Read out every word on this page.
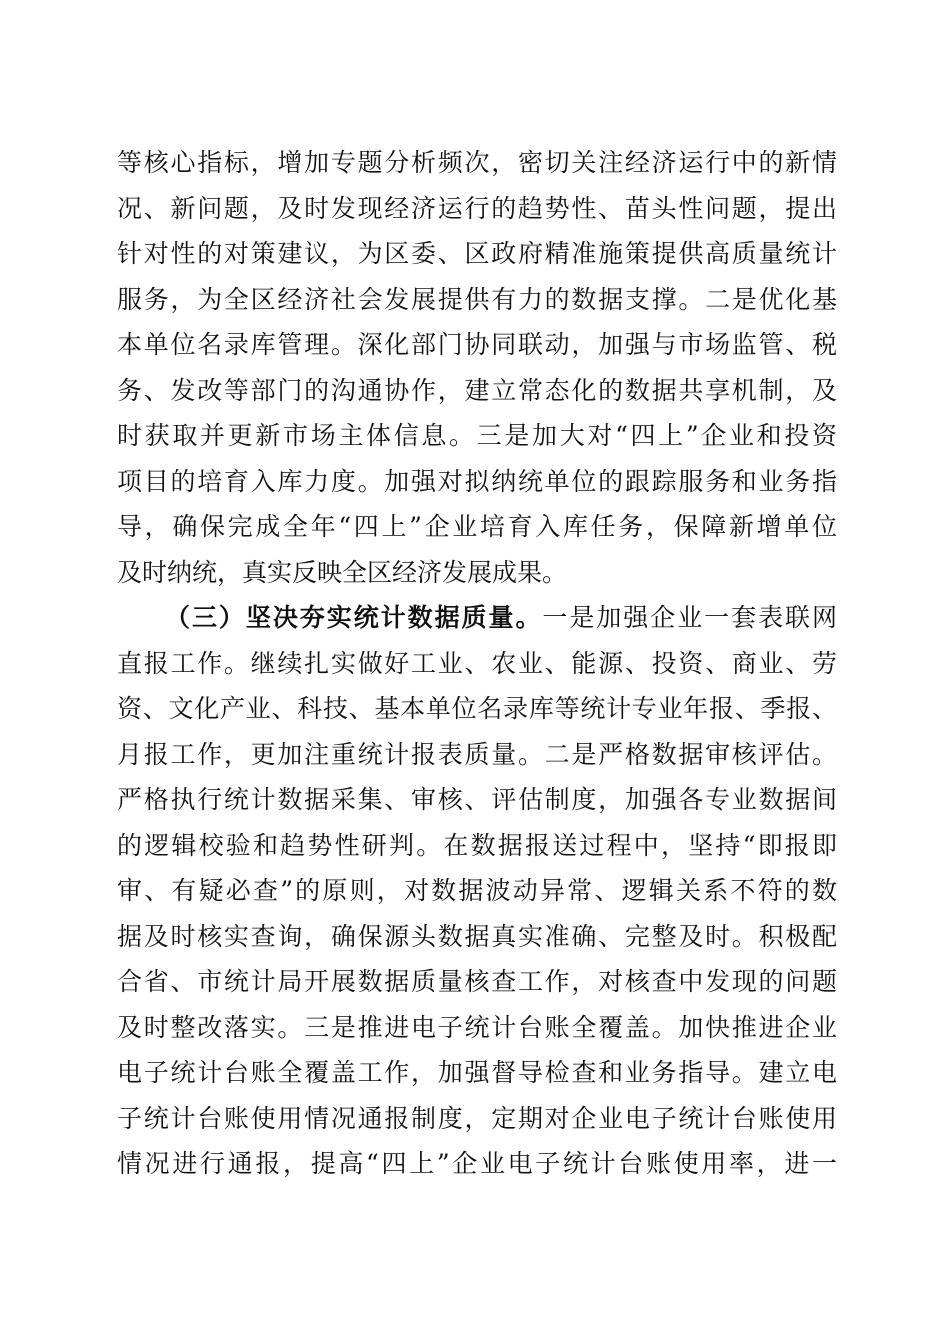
等核心指标，增加专题分析频次，密切关注经济运行中的新情
况、新问题，及时发现经济运行的趋势性、苗头性问题，提出
针对性的对策建议，为区委、区政府精准施策提供高质量统计
服务，为全区经济社会发展提供有力的数据支撑。二是优化基
本单位名录库管理。深化部门协同联动，加强与市场监管、税
务、发改等部门的沟通协作，建立常态化的数据共享机制，及
时获取并更新市场主体信息。三是加大对“四上”企业和投资
项目的培育入库力度。加强对拟纳统单位的跟踪服务和业务指
导，确保完成全年“四上”企业培育入库任务，保障新增单位
及时纳统，真实反映全区经济发展成果。
（三）坚决夯实统计数据质量。一是加强企业一套表联网
直报工作。继续扎实做好工业、农业、能源、投资、商业、劳
资、文化产业、科技、基本单位名录库等统计专业年报、季报、
月报工作，更加注重统计报表质量。二是严格数据审核评估。
严格执行统计数据采集、审核、评估制度，加强各专业数据间
的逻辑校验和趋势性研判。在数据报送过程中，坚持“即报即
审、有疑必查”的原则，对数据波动异常、逻辑关系不符的数
据及时核实查询，确保源头数据真实准确、完整及时。积极配
合省、市统计局开展数据质量核查工作，对核查中发现的问题
及时整改落实。三是推进电子统计台账全覆盖。加快推进企业
电子统计台账全覆盖工作，加强督导检查和业务指导。建立电
子统计台账使用情况通报制度，定期对企业电子统计台账使用
情况进行通报，提高“四上”企业电子统计台账使用率，进一
